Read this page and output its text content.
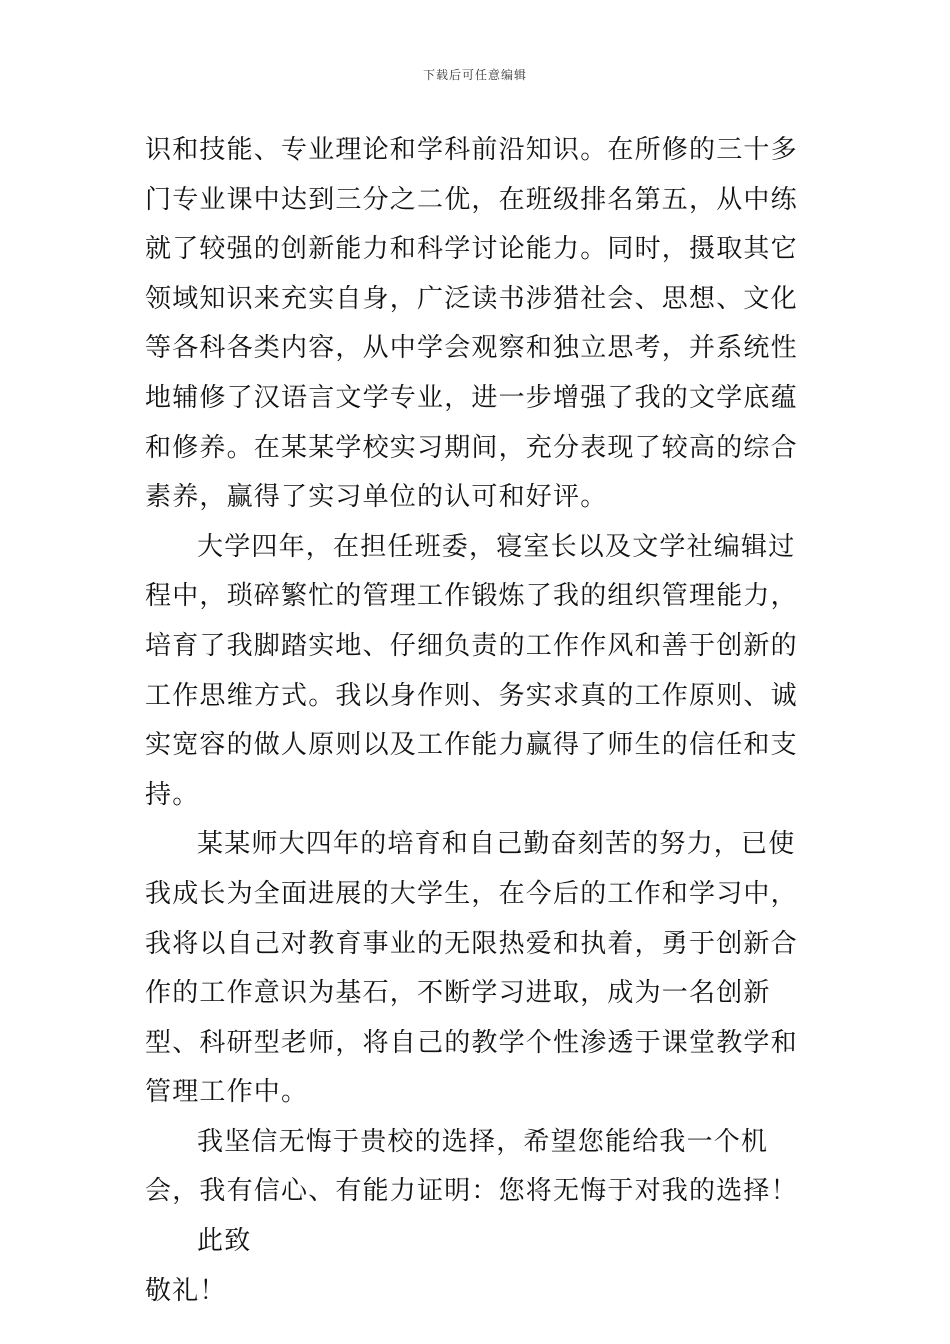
下载后可任意编辑

识和技能、专业理论和学科前沿知识。在所修的三十多门专业课中达到三分之二优，在班级排名第五，从中练就了较强的创新能力和科学讨论能力。同时，摄取其它领域知识来充实自身，广泛读书涉猎社会、思想、文化等各科各类内容，从中学会观察和独立思考，并系统性地辅修了汉语言文学专业，进一步增强了我的文学底蕴和修养。在某某学校实习期间，充分表现了较高的综合素养，赢得了实习单位的认可和好评。

大学四年，在担任班委，寝室长以及文学社编辑过程中，琐碎繁忙的管理工作锻炼了我的组织管理能力，培育了我脚踏实地、仔细负责的工作作风和善于创新的工作思维方式。我以身作则、务实求真的工作原则、诚实宽容的做人原则以及工作能力赢得了师生的信任和支持。

某某师大四年的培育和自己勤奋刻苦的努力，已使我成长为全面进展的大学生，在今后的工作和学习中，我将以自己对教育事业的无限热爱和执着，勇于创新合作的工作意识为基石，不断学习进取，成为一名创新型、科研型老师，将自己的教学个性渗透于课堂教学和管理工作中。

我坚信无悔于贵校的选择，希望您能给我一个机会，我有信心、有能力证明：您将无悔于对我的选择！

此致

敬礼！
